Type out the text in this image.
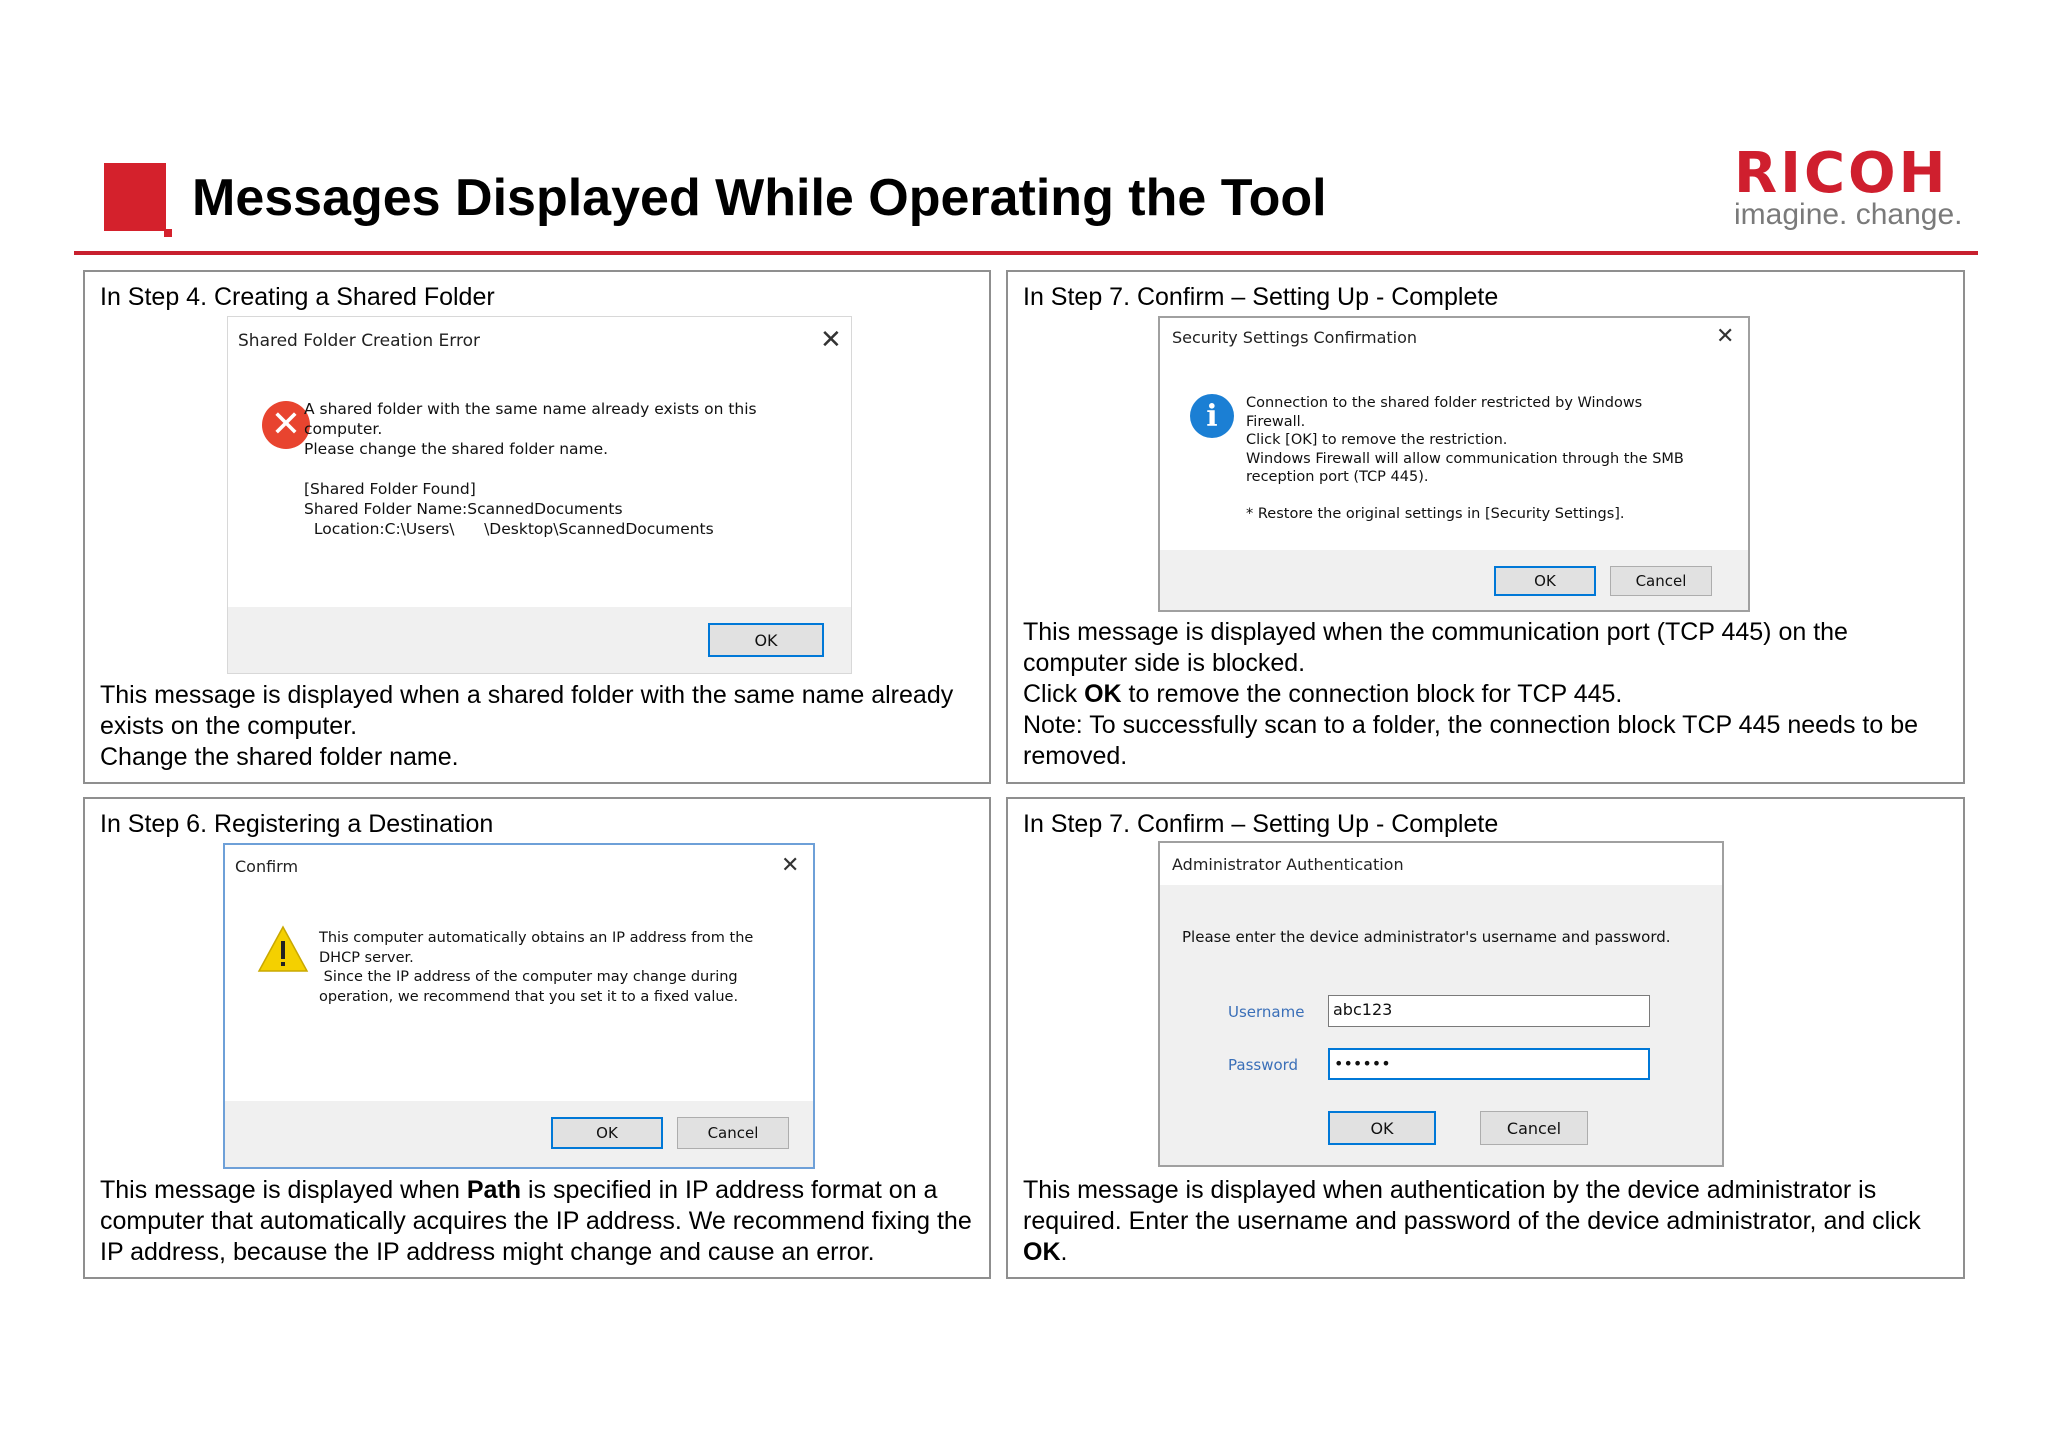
Messages Displayed While Operating the Tool	RICOH
imagine. change.
In Step 4. Creating a Shared Folder
Shared Folder Creation Error	✕
✕ A shared folder with the same name already exists on this
computer.
Please change the shared folder name.

[Shared Folder Found]
Shared Folder Name:ScannedDocuments
Location:C:\Users\      \Desktop\ScannedDocuments
OK
This message is displayed when a shared folder with the same name already exists on the computer.
Change the shared folder name.
In Step 7. Confirm – Setting Up - Complete
Security Settings Confirmation	✕
i	Connection to the shared folder restricted by Windows
Firewall.
Click [OK] to remove the restriction.
Windows Firewall will allow communication through the SMB
reception port (TCP 445).

* Restore the original settings in [Security Settings].
OK	Cancel
This message is displayed when the communication port (TCP 445) on the computer side is blocked.
Click OK to remove the connection block for TCP 445.
Note: To successfully scan to a folder, the connection block TCP 445 needs to be removed.
In Step 6. Registering a Destination
Confirm	✕
This computer automatically obtains an IP address from the
DHCP server.
Since the IP address of the computer may change during
operation, we recommend that you set it to a fixed value.
OK	Cancel
This message is displayed when Path is specified in IP address format on a computer that automatically acquires the IP address. We recommend fixing the IP address, because the IP address might change and cause an error.
In Step 7. Confirm – Setting Up - Complete
Administrator Authentication
Please enter the device administrator's username and password.
Username	abc123
Password	••••••
OK	Cancel
This message is displayed when authentication by the device administrator is required. Enter the username and password of the device administrator, and click OK.
